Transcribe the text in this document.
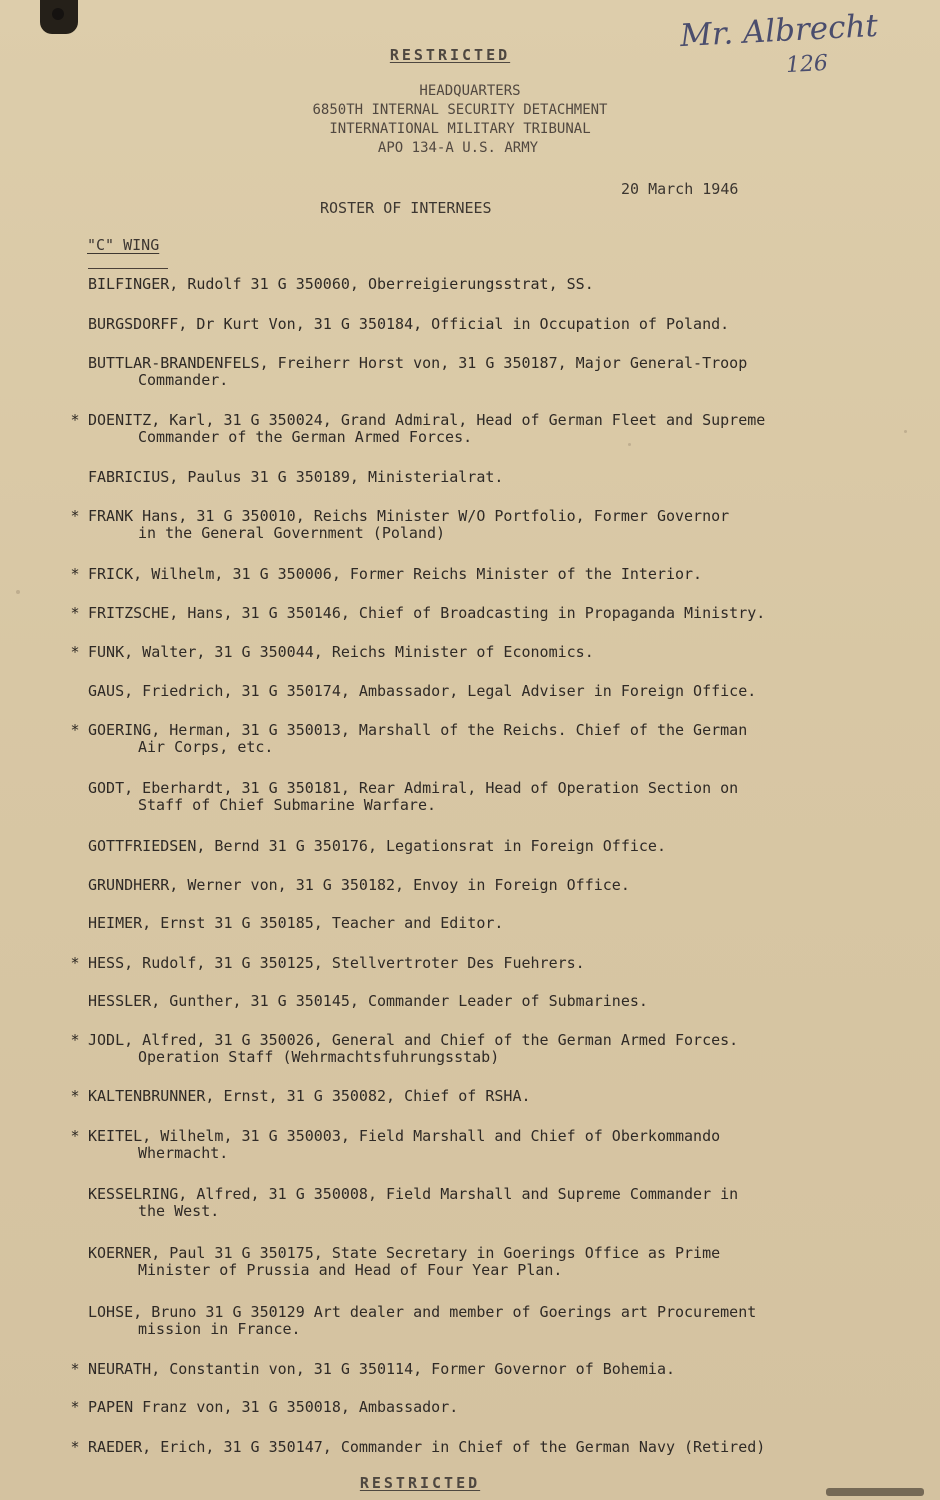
Mr. Albrecht
126
RESTRICTED
HEADQUARTERS
6850TH INTERNAL SECURITY DETACHMENT
INTERNATIONAL MILITARY TRIBUNAL
APO 134-A U.S. ARMY
20 March 1946
ROSTER OF INTERNEES
"C" WING
BILFINGER, Rudolf 31 G 350060, Oberreigierungsstrat, SS.
BURGSDORFF, Dr Kurt Von, 31 G 350184, Official in Occupation of Poland.
BUTTLAR-BRANDENFELS, Freiherr Horst von, 31 G 350187, Major General-Troop
Commander.
* DOENITZ, Karl, 31 G 350024, Grand Admiral, Head of German Fleet and Supreme
Commander of the German Armed Forces.
FABRICIUS, Paulus 31 G 350189, Ministerialrat.
* FRANK Hans, 31 G 350010, Reichs Minister W/O Portfolio, Former Governor
in the General Government (Poland)
* FRICK, Wilhelm, 31 G 350006, Former Reichs Minister of the Interior.
* FRITZSCHE, Hans, 31 G 350146, Chief of Broadcasting in Propaganda Ministry.
* FUNK, Walter, 31 G 350044, Reichs Minister of Economics.
GAUS, Friedrich, 31 G 350174, Ambassador, Legal Adviser in Foreign Office.
* GOERING, Herman, 31 G 350013, Marshall of the Reichs. Chief of the German
Air Corps, etc.
GODT, Eberhardt, 31 G 350181, Rear Admiral, Head of Operation Section on
Staff of Chief Submarine Warfare.
GOTTFRIEDSEN, Bernd 31 G 350176, Legationsrat in Foreign Office.
GRUNDHERR, Werner von, 31 G 350182, Envoy in Foreign Office.
HEIMER, Ernst 31 G 350185, Teacher and Editor.
* HESS, Rudolf, 31 G 350125, Stellvertroter Des Fuehrers.
HESSLER, Gunther, 31 G 350145, Commander Leader of Submarines.
* JODL, Alfred, 31 G 350026, General and Chief of the German Armed Forces.
Operation Staff (Wehrmachtsfuhrungsstab)
* KALTENBRUNNER, Ernst, 31 G 350082, Chief of RSHA.
* KEITEL, Wilhelm, 31 G 350003, Field Marshall and Chief of Oberkommando
Whermacht.
KESSELRING, Alfred, 31 G 350008, Field Marshall and Supreme Commander in
the West.
KOERNER, Paul 31 G 350175, State Secretary in Goerings Office as Prime
Minister of Prussia and Head of Four Year Plan.
LOHSE, Bruno 31 G 350129 Art dealer and member of Goerings art Procurement
mission in France.
* NEURATH, Constantin von, 31 G 350114, Former Governor of Bohemia.
* PAPEN Franz von, 31 G 350018, Ambassador.
* RAEDER, Erich, 31 G 350147, Commander in Chief of the German Navy (Retired)
RESTRICTED
